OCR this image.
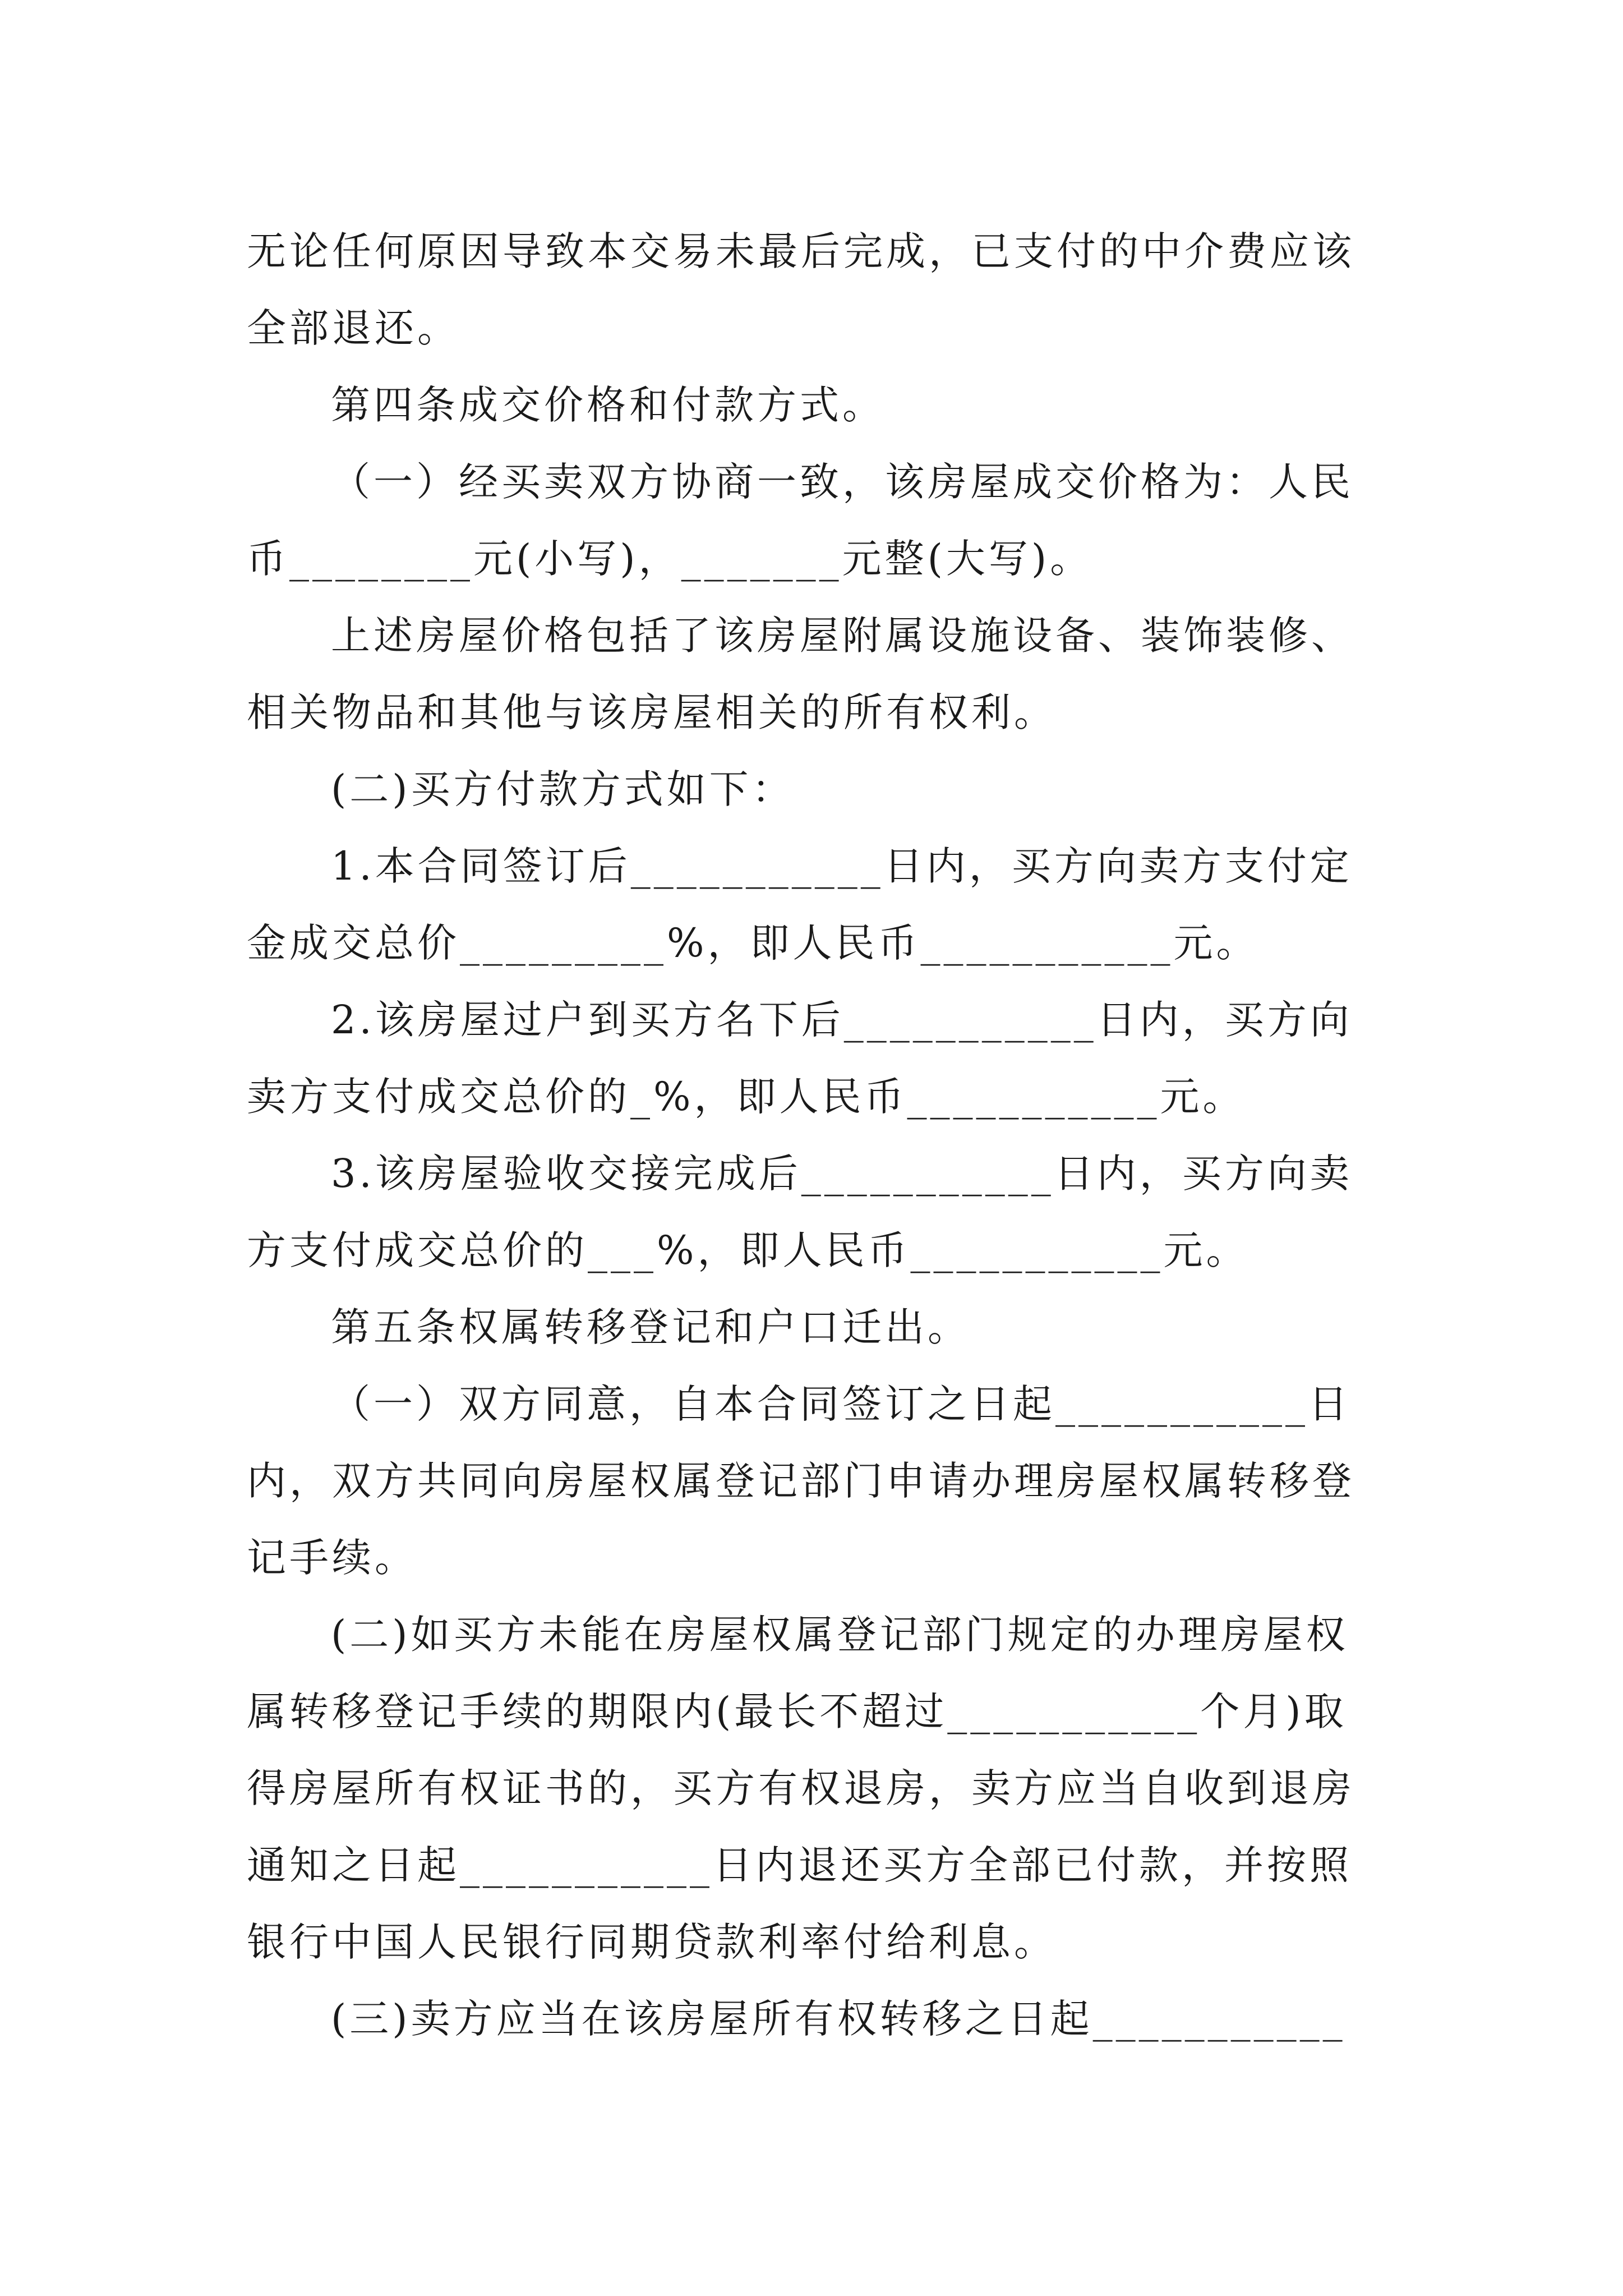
无论任何原因导致本交易未最后完成，已支付的中介费应该
全部退还。
第四条成交价格和付款方式。
（一）经买卖双方协商一致，该房屋成交价格为：人民
币________元(小写)，_______元整(大写)。
上述房屋价格包括了该房屋附属设施设备、装饰装修、
相关物品和其他与该房屋相关的所有权利。
(二)买方付款方式如下：
1.本合同签订后___________日内，买方向卖方支付定
金成交总价_________%，即人民币___________元。
2.该房屋过户到买方名下后___________日内，买方向
卖方支付成交总价的_%，即人民币___________元。
3.该房屋验收交接完成后___________日内，买方向卖
方支付成交总价的___%，即人民币___________元。
第五条权属转移登记和户口迁出。
（一）双方同意，自本合同签订之日起___________日
内，双方共同向房屋权属登记部门申请办理房屋权属转移登
记手续。
(二)如买方未能在房屋权属登记部门规定的办理房屋权
属转移登记手续的期限内(最长不超过___________个月)取
得房屋所有权证书的，买方有权退房，卖方应当自收到退房
通知之日起___________日内退还买方全部已付款，并按照
银行中国人民银行同期贷款利率付给利息。
(三)卖方应当在该房屋所有权转移之日起___________
